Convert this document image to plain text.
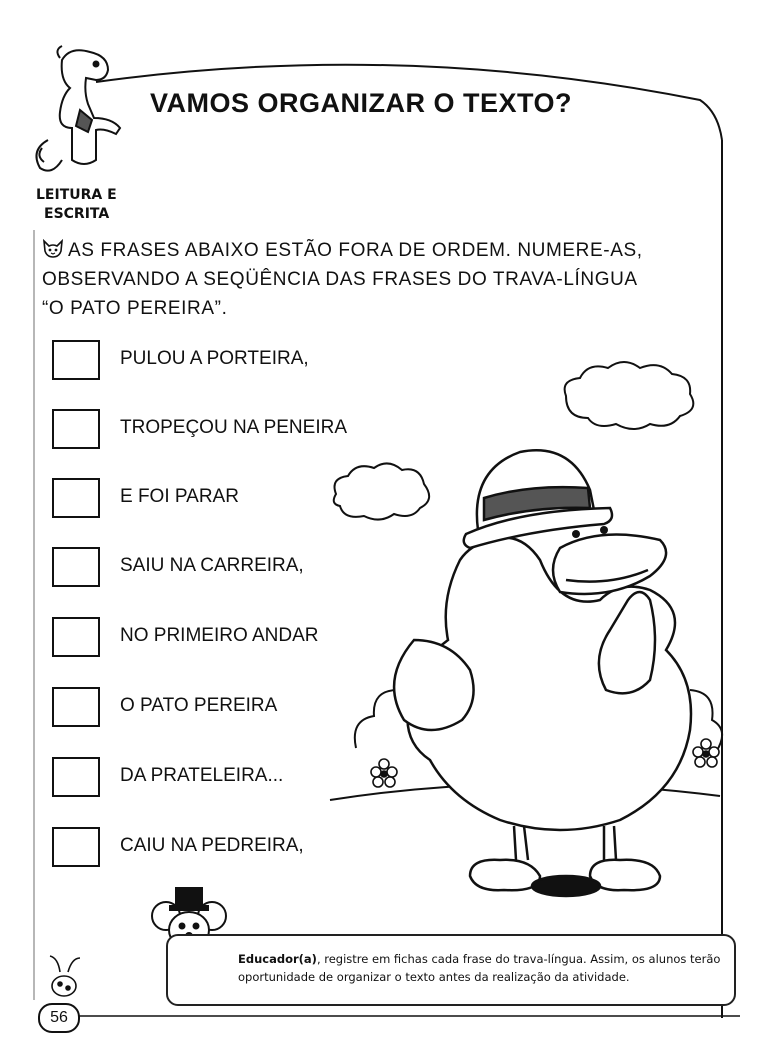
VAMOS ORGANIZAR O TEXTO?
LEITURA E
ESCRITA
AS FRASES ABAIXO ESTÃO FORA DE ORDEM. NUMERE-AS,
OBSERVANDO A SEQÜÊNCIA DAS FRASES DO TRAVA-LÍNGUA
“O PATO PEREIRA”.
PULOU A PORTEIRA,
TROPEÇOU NA PENEIRA
E FOI PARAR
SAIU NA CARREIRA,
NO PRIMEIRO ANDAR
O PATO PEREIRA
DA PRATELEIRA...
CAIU NA PEDREIRA,

Educador(a), registre em fichas cada frase do trava-língua. Assim, os alunos terão oportunidade de organizar o texto antes da realização da atividade.

56
